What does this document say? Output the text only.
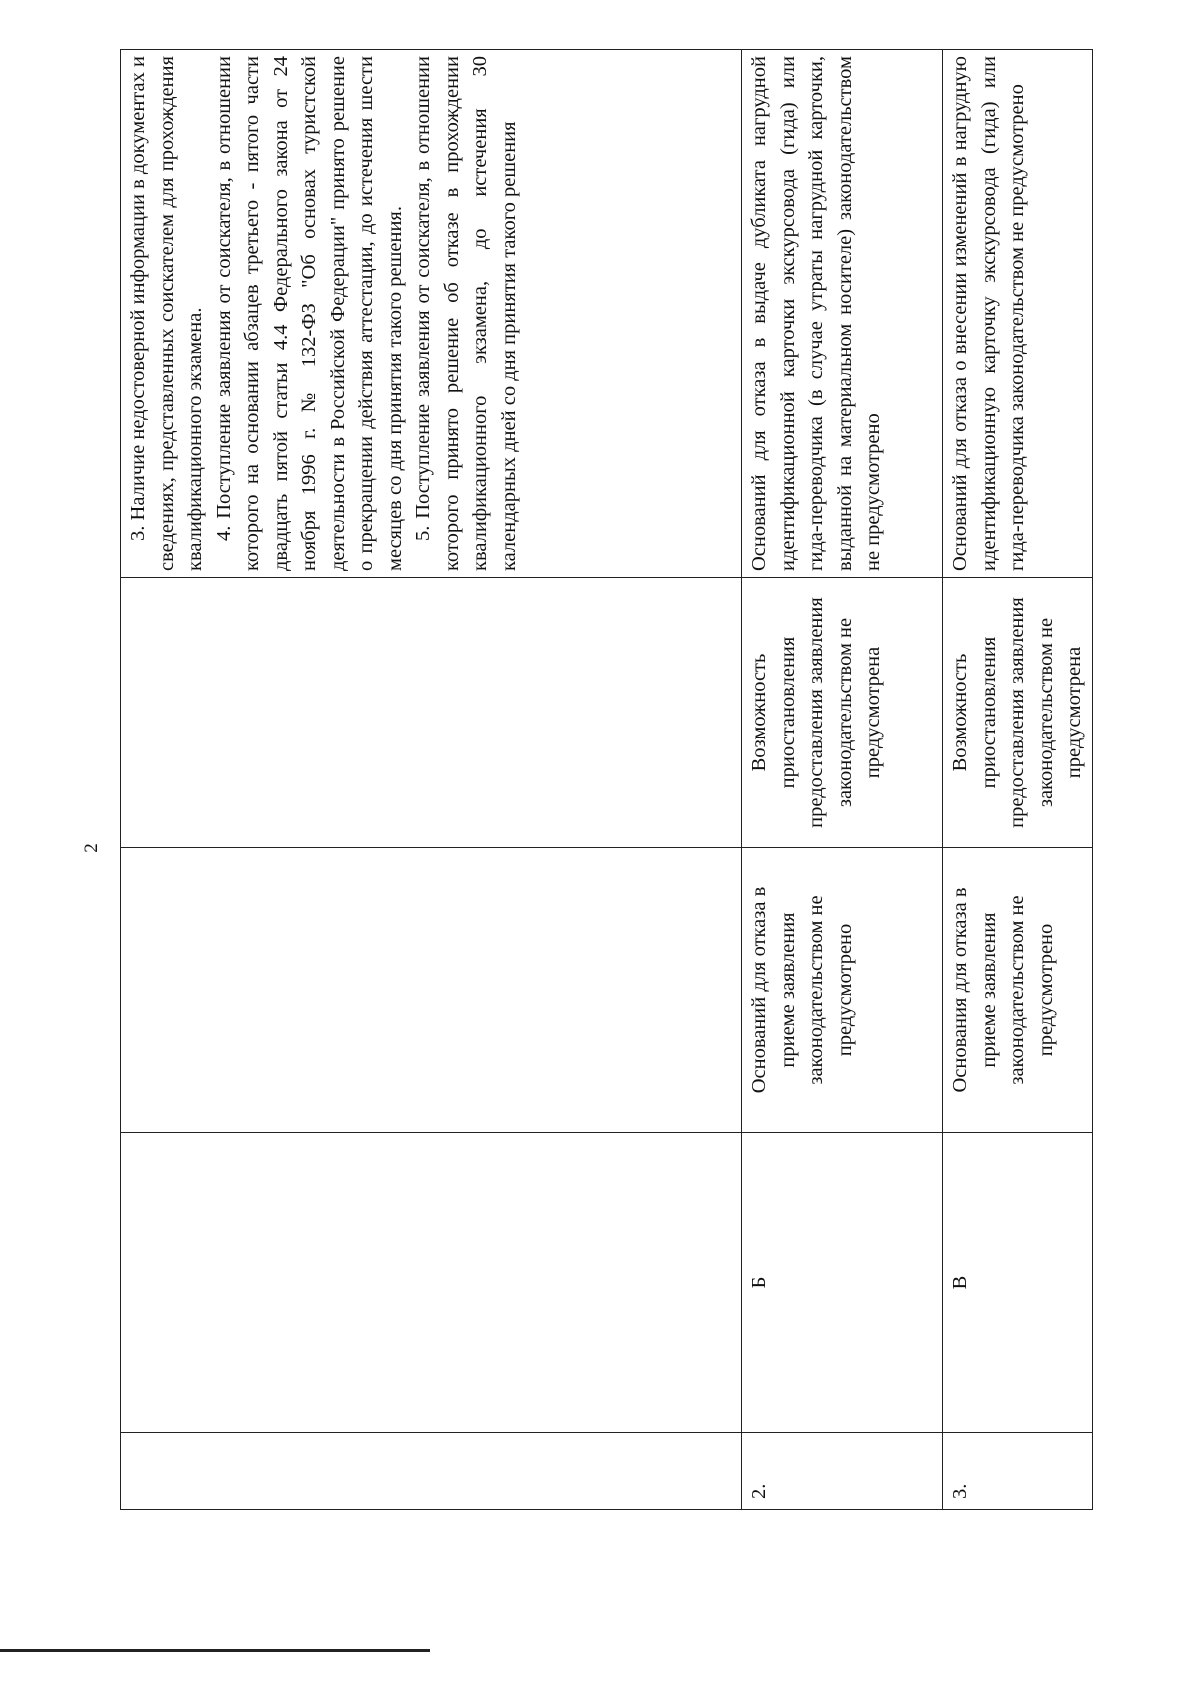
2

				3. Наличие недостоверной информации в документах и сведениях, представленных соискателем для прохождения квалификационного экзамена. 4. Поступление заявления от соискателя, в отношении которого на основании абзацев третьего - пятого части двадцать пятой статьи 4.4 Федерального закона от 24 ноября 1996 г. № 132-ФЗ "Об основах туристской деятельности в Российской Федерации" принято решение о прекращении действия аттестации, до истечения шести месяцев со дня принятия такого решения. 5. Поступление заявления от соискателя, в отношении которого принято решение об отказе в прохождении квалификационного экзамена, до истечения 30 календарных дней со дня принятия такого решения

2.	Б	Оснований для отказа в приеме заявления законодательством не предусмотрено	Возможность приостановления предоставления заявления законодательством не предусмотрена	Оснований для отказа в выдаче дубликата нагрудной идентификационной карточки экскурсовода (гида) или гида-переводчика (в случае утраты нагрудной карточки, выданной на материальном носителе) законодательством не предусмотрено

3.	В	Основания для отказа в приеме заявления законодательством не предусмотрено	Возможность приостановления предоставления заявления законодательством не предусмотрена	Оснований для отказа о внесении изменений в нагрудную идентификационную карточку экскурсовода (гида) или гида-переводчика законодательством не предусмотрено
